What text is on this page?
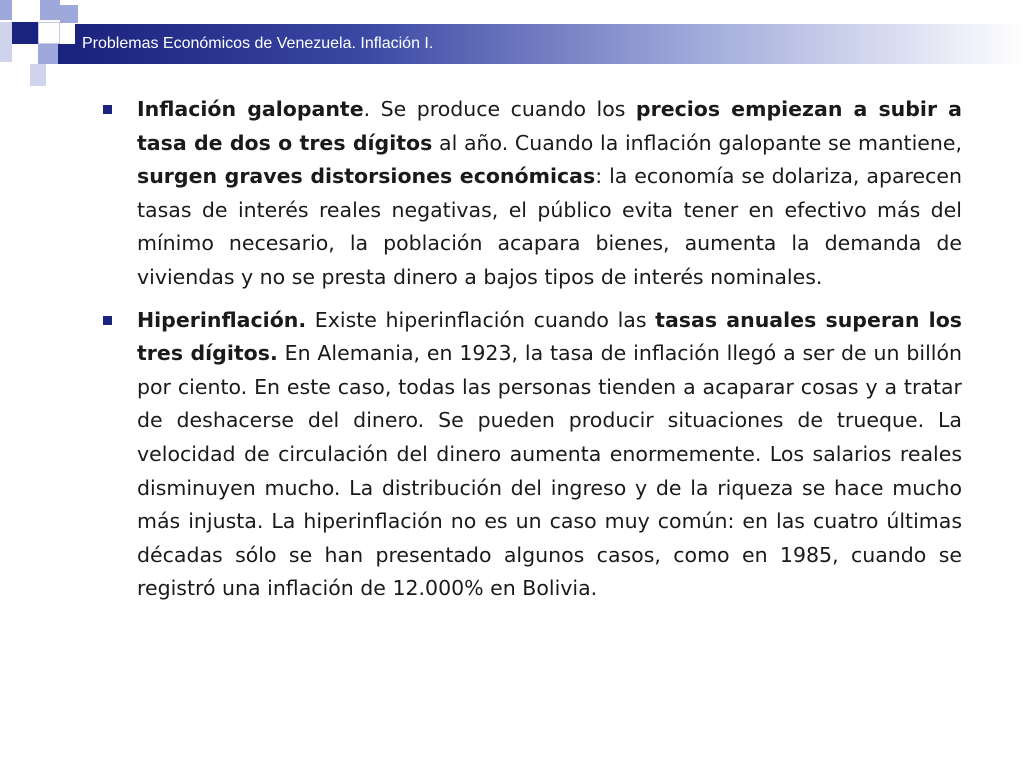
Problemas Económicos de Venezuela. Inflación I.
Inflación galopante. Se produce cuando los precios empiezan a subir a tasa de dos o tres dígitos al año. Cuando la inflación galopante se mantiene, surgen graves distorsiones económicas: la economía se dolariza, aparecen tasas de interés reales negativas, el público evita tener en efectivo más del mínimo necesario, la población acapara bienes, aumenta la demanda de viviendas y no se presta dinero a bajos tipos de interés nominales.
Hiperinflación. Existe hiperinflación cuando las tasas anuales superan los tres dígitos. En Alemania, en 1923, la tasa de inflación llegó a ser de un billón por ciento. En este caso, todas las personas tienden a acaparar cosas y a tratar de deshacerse del dinero. Se pueden producir situaciones de trueque. La velocidad de circulación del dinero aumenta enormemente. Los salarios reales disminuyen mucho. La distribución del ingreso y de la riqueza se hace mucho más injusta. La hiperinflación no es un caso muy común: en las cuatro últimas décadas sólo se han presentado algunos casos, como en 1985, cuando se registró una inflación de 12.000% en Bolivia.
